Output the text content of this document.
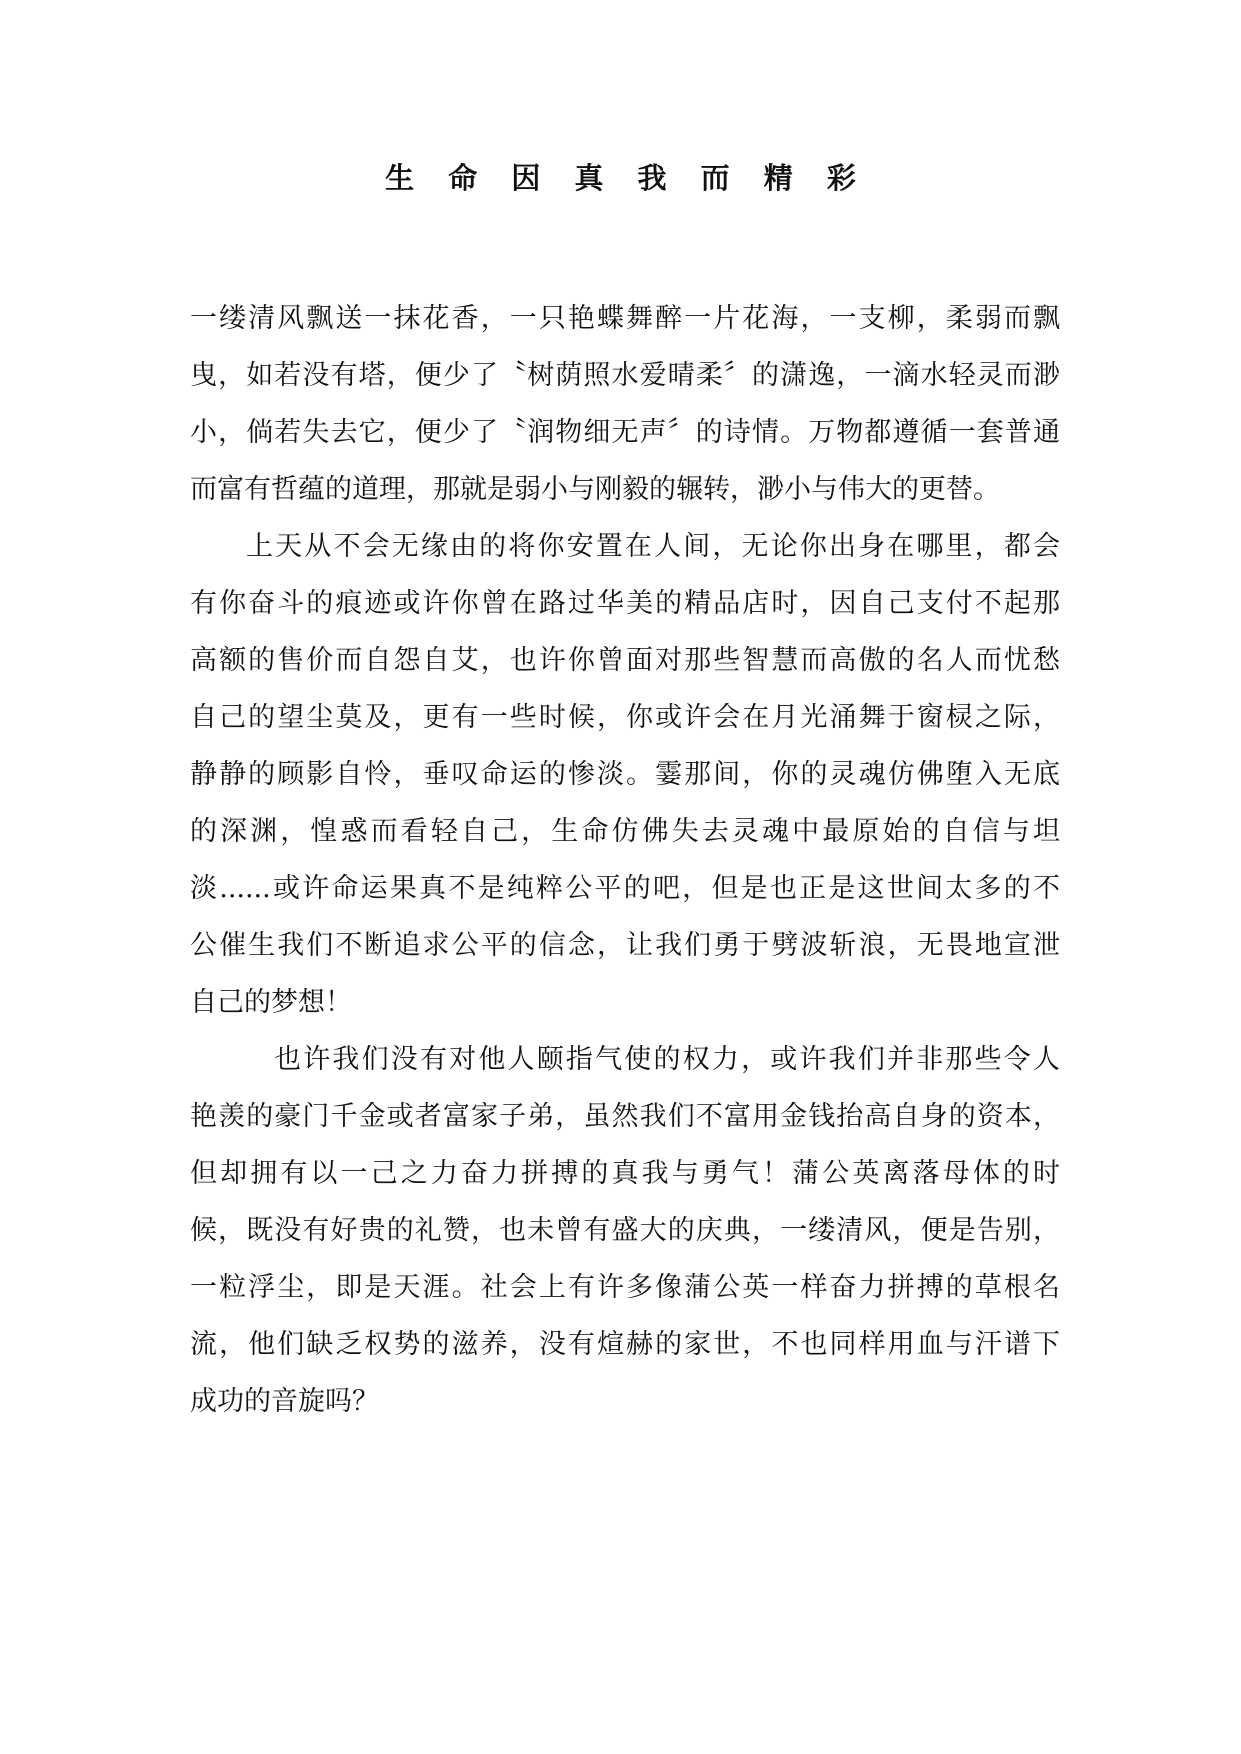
生 命 因 真 我 而 精 彩
一缕清风飘送一抹花香，一只艳蝶舞醉一片花海，一支柳，柔弱而飘
曳，如若没有塔，便少了〝树荫照水爱晴柔〞的潇逸，一滴水轻灵而渺
小，倘若失去它，便少了〝润物细无声〞的诗情。万物都遵循一套普通
而富有哲蕴的道理，那就是弱小与刚毅的辗转，渺小与伟大的更替。
上天从不会无缘由的将你安置在人间，无论你出身在哪里，都会
有你奋斗的痕迹或许你曾在路过华美的精品店时，因自己支付不起那
高额的售价而自怨自艾，也许你曾面对那些智慧而高傲的名人而忧愁
自己的望尘莫及，更有一些时候，你或许会在月光涌舞于窗棂之际，
静静的顾影自怜，垂叹命运的惨淡。霎那间，你的灵魂仿佛堕入无底
的深渊，惶惑而看轻自己，生命仿佛失去灵魂中最原始的自信与坦
淡......或许命运果真不是纯粹公平的吧，但是也正是这世间太多的不
公催生我们不断追求公平的信念，让我们勇于劈波斩浪，无畏地宣泄
自己的梦想！
也许我们没有对他人颐指气使的权力，或许我们并非那些令人
艳羡的豪门千金或者富家子弟，虽然我们不富用金钱抬高自身的资本，
但却拥有以一己之力奋力拼搏的真我与勇气！蒲公英离落母体的时
候，既没有好贵的礼赞，也未曾有盛大的庆典，一缕清风，便是告别，
一粒浮尘，即是天涯。社会上有许多像蒲公英一样奋力拼搏的草根名
流，他们缺乏权势的滋养，没有煊赫的家世，不也同样用血与汗谱下
成功的音旋吗？
